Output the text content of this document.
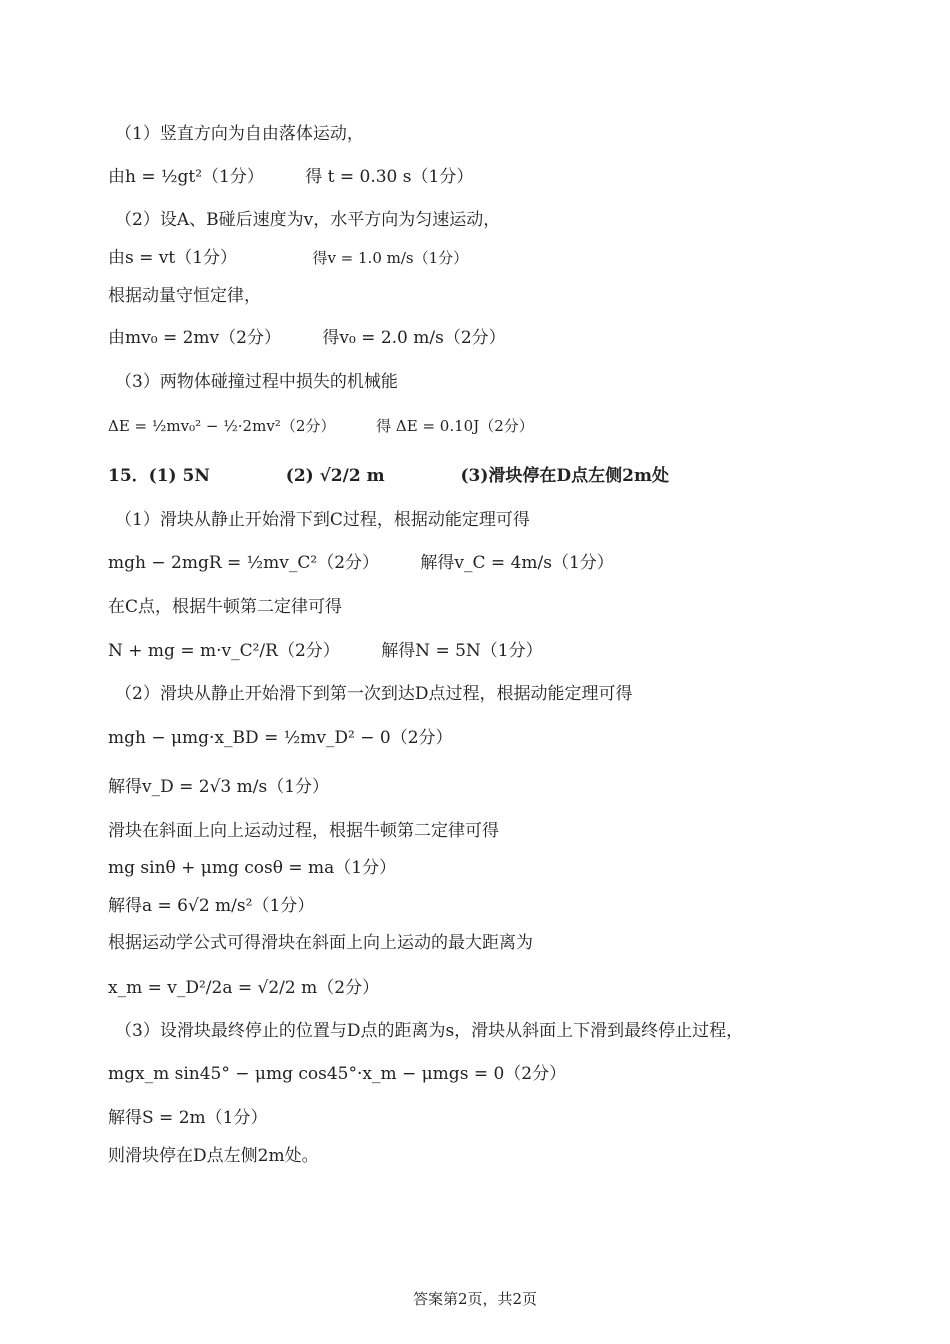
（1）竖直方向为自由落体运动，
由h = ½gt²（1分） 得 t = 0.30 s（1分）
（2）设A、B碰后速度为v，水平方向为匀速运动，
由s = vt（1分）	得v = 1.0 m/s（1分）
根据动量守恒定律，
由mv₀ = 2mv（2分） 得v₀ = 2.0 m/s（2分）
（3）两物体碰撞过程中损失的机械能
ΔE = ½mv₀² − ½·2mv²（2分）	得 ΔE = 0.10J（2分）
15．(1) 5N	(2) √2/2 m	(3)滑块停在D点左侧2m处
（1）滑块从静止开始滑下到C过程，根据动能定理可得
mgh − 2mgR = ½mv_C²（2分） 解得v_C = 4m/s（1分）
在C点，根据牛顿第二定律可得
N + mg = m·v_C²/R（2分） 解得N = 5N（1分）
（2）滑块从静止开始滑下到第一次到达D点过程，根据动能定理可得
mgh − μmg·x_BD = ½mv_D² − 0（2分）
解得v_D = 2√3 m/s（1分）
滑块在斜面上向上运动过程，根据牛顿第二定律可得
mg sinθ + μmg cosθ = ma（1分）
解得a = 6√2 m/s²（1分）
根据运动学公式可得滑块在斜面上向上运动的最大距离为
x_m = v_D²/2a = √2/2 m（2分）
（3）设滑块最终停止的位置与D点的距离为s，滑块从斜面上下滑到最终停止过程，
mgx_m sin45° − μmg cos45°·x_m − μmgs = 0（2分）
解得S = 2m（1分）
则滑块停在D点左侧2m处。
答案第2页，共2页
